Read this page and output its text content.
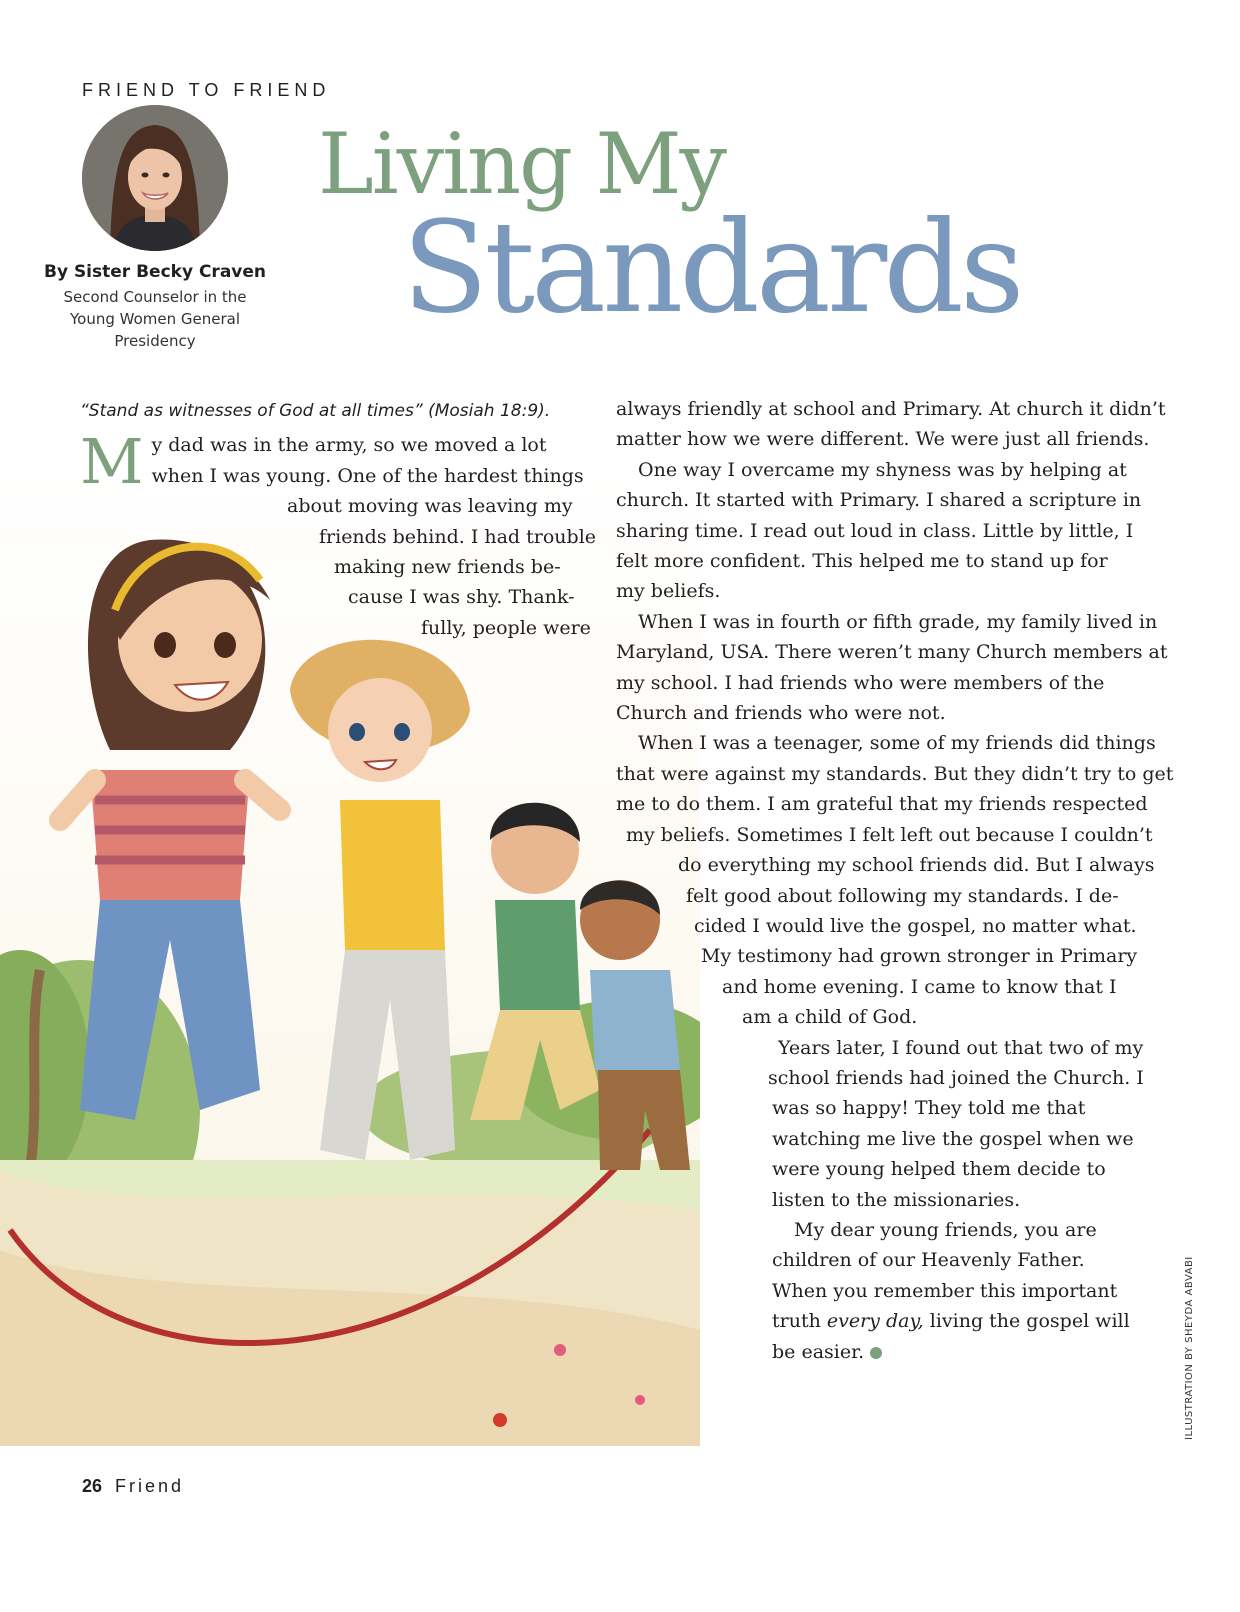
FRIEND TO FRIEND
By Sister Becky Craven
Second Counselor in the
Young Women General
Presidency
Living My
Standards

“Stand as witnesses of God at all times” (Mosiah 18:9).

M y dad was in the army, so we moved a lot
when I was young. One of the hardest things
about moving was leaving my
friends behind. I had trouble
making new friends be-
cause I was shy. Thank-
fully, people were
always friendly at school and Primary. At church it didn’t
matter how we were different. We were just all friends.
One way I overcame my shyness was by helping at
church. It started with Primary. I shared a scripture in
sharing time. I read out loud in class. Little by little, I
felt more confident. This helped me to stand up for
my beliefs.
When I was in fourth or fifth grade, my family lived in
Maryland, USA. There weren’t many Church members at
my school. I had friends who were members of the
Church and friends who were not.
When I was a teenager, some of my friends did things
that were against my standards. But they didn’t try to get
me to do them. I am grateful that my friends respected
my beliefs. Sometimes I felt left out because I couldn’t
do everything my school friends did. But I always
felt good about following my standards. I de-
cided I would live the gospel, no matter what.
My testimony had grown stronger in Primary
and home evening. I came to know that I
am a child of God.
Years later, I found out that two of my
school friends had joined the Church. I
was so happy! They told me that
watching me live the gospel when we
were young helped them decide to
listen to the missionaries.
My dear young friends, you are
children of our Heavenly Father.
When you remember this important
truth every day, living the gospel will
be easier.	ILLUSTRATION BY SHEYDA ABVABI
26 Friend
